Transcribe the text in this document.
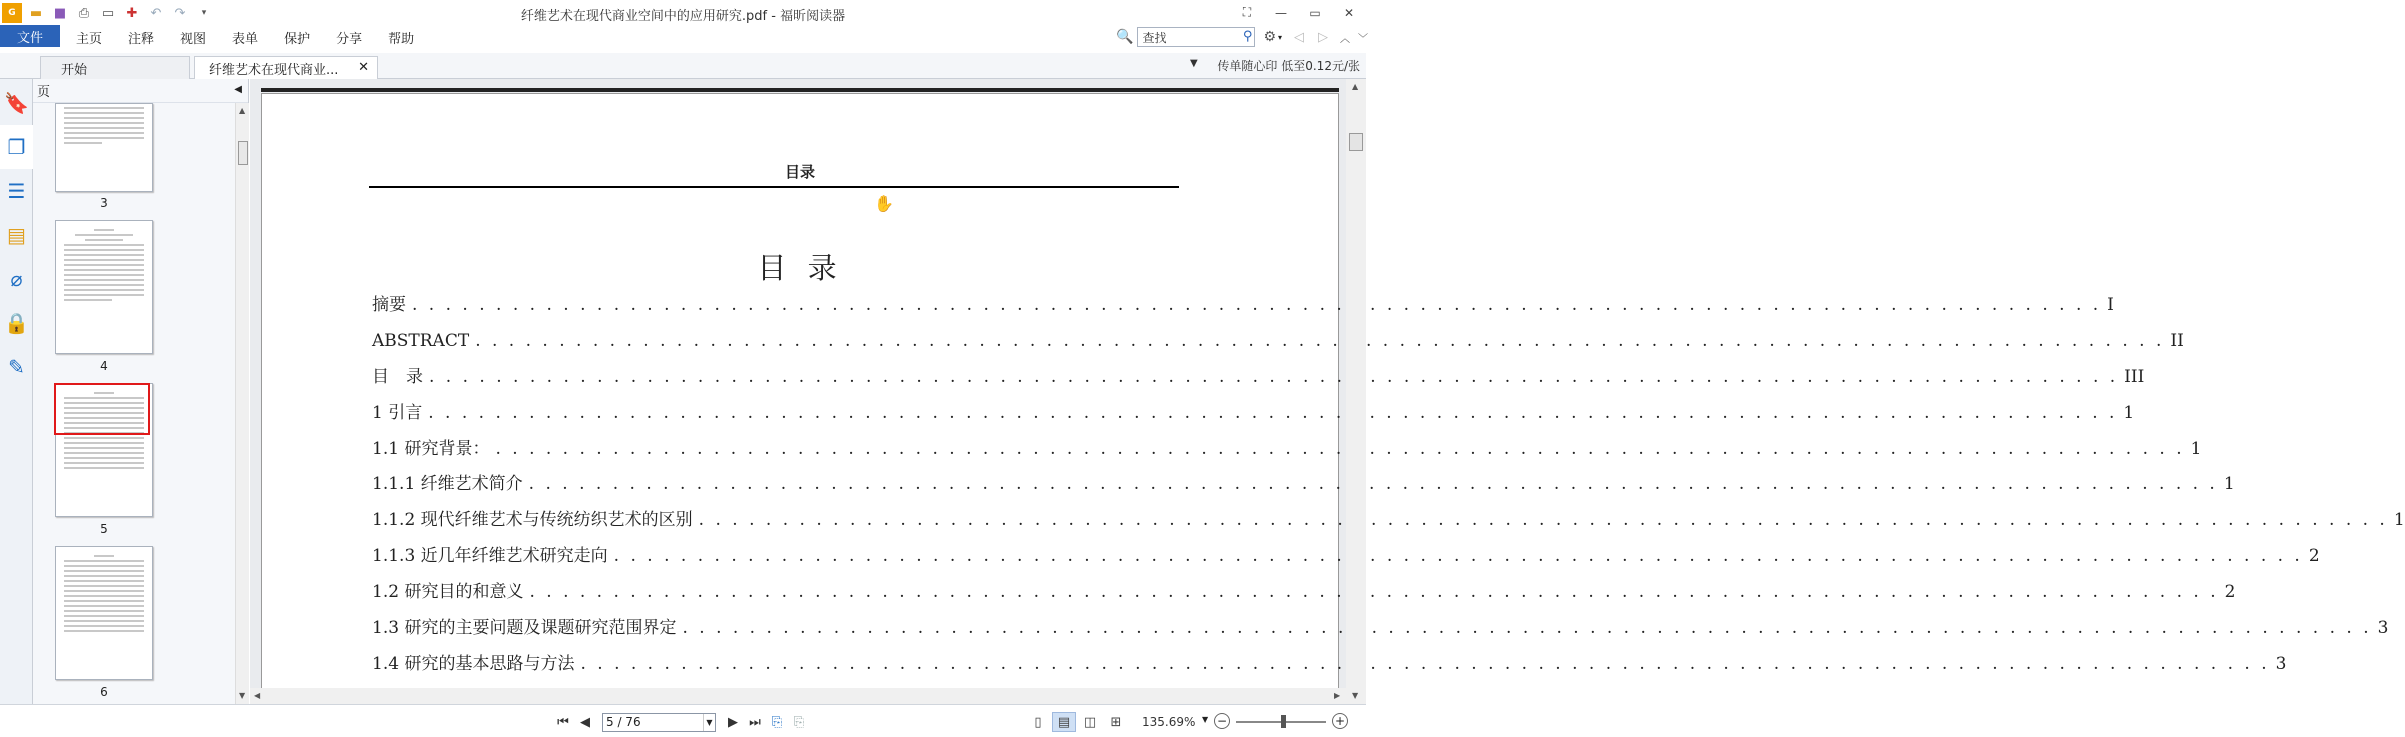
G	▬ ■ ⎙ ▭ ✚	↶	↷	▾	纤维艺术在现代商业空间中的应用研究.pdf - 福昕阅读器	⛶	—	▭	✕
文件	主页	注释	视图	表单	保护	分享	帮助	🔍 查找	⚲ ⚙ ▾ ◁ ▷ ︿ ﹀
开始	纤维艺术在现代商业... ✕	▼ 传单随心印 低至0.12元/张
🔖
❐
☰
▤
⌀
🔒
✎
页	◀
3
4
5
6
▲
▼
目录
✋
目 录
摘要 . . .	I
ABSTRACT . . .	II
目　录 . . .	III
1 引言 . . .	1
1.1 研究背景： . . .	1
1.1.1 纤维艺术简介 . . .	1
1.1.2 现代纤维艺术与传统纺织艺术的区别 . . .	1
1.1.3 近几年纤维艺术研究走向 . . .	2
1.2 研究目的和意义 . . .	2
1.3 研究的主要问题及课题研究范围界定 . . .	3
1.4 研究的基本思路与方法 . . .	3
▲
▼
◀	▶
⏮ ◀	5 / 76	▼	▶ ⏭ ⎘ ⎘	▯	▤	◫	⊞	135.69% ▼ −	+
